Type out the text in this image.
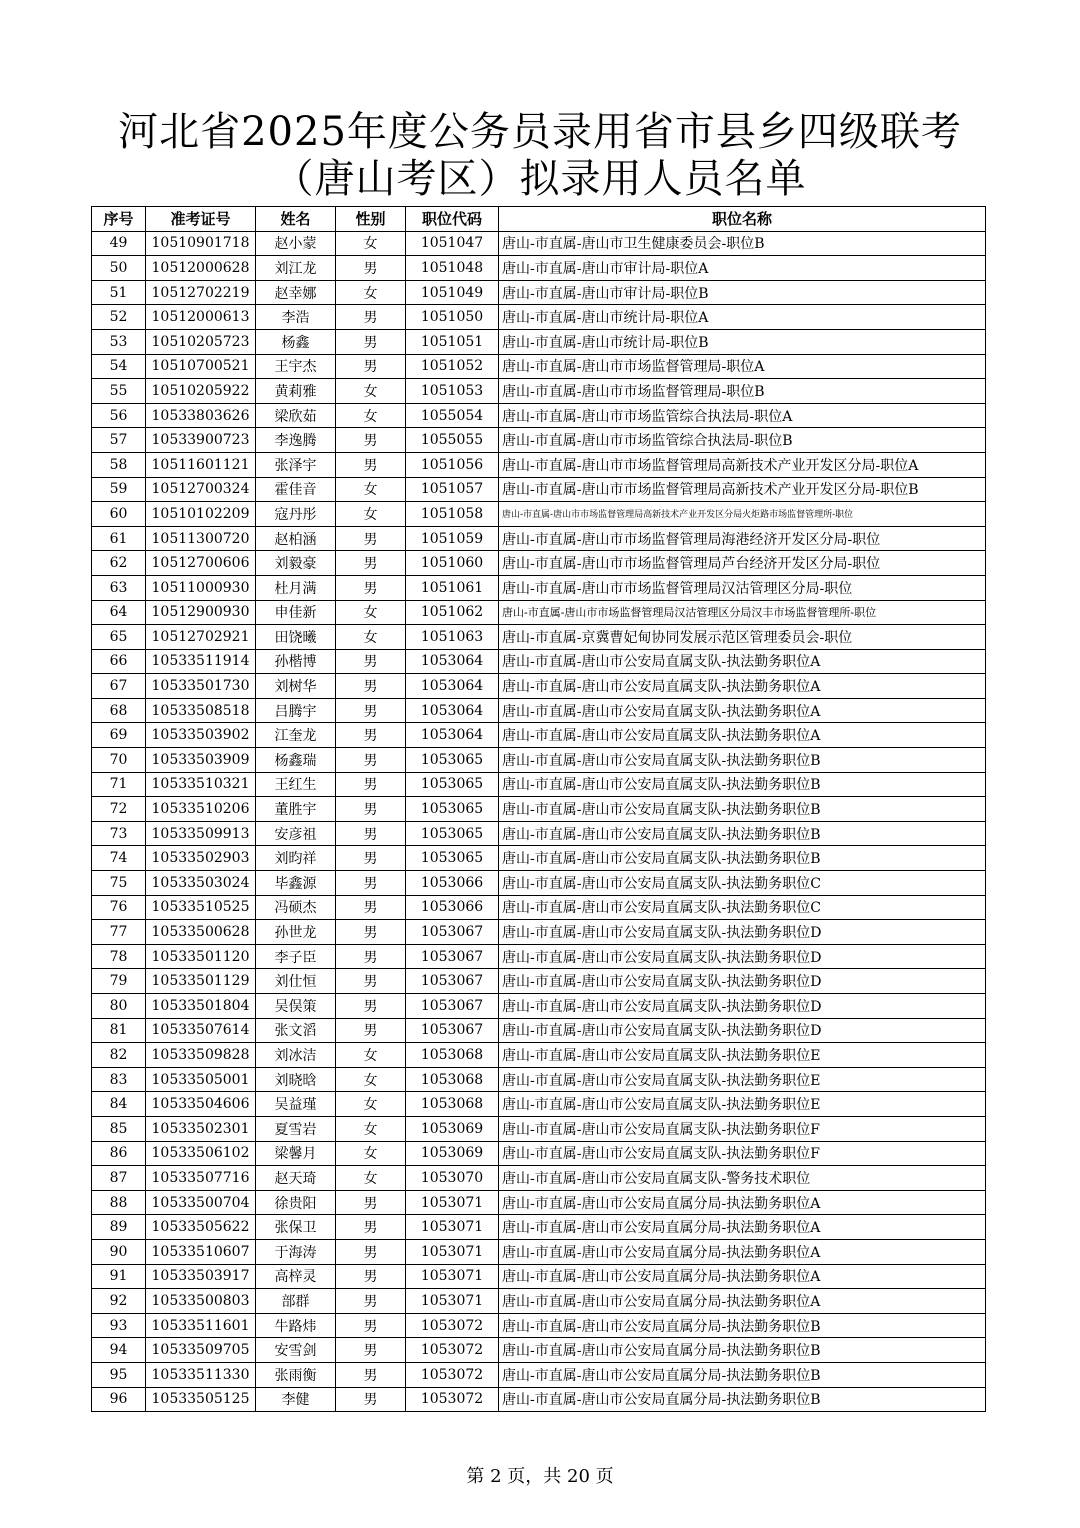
河北省2025年度公务员录用省市县乡四级联考
（唐山考区）拟录用人员名单
序号	准考证号	姓名	性别	职位代码	职位名称
49	10510901718	赵小蒙	女	1051047	唐山-市直属-唐山市卫生健康委员会-职位B
50	10512000628	刘江龙	男	1051048	唐山-市直属-唐山市审计局-职位A
51	10512702219	赵幸娜	女	1051049	唐山-市直属-唐山市审计局-职位B
52	10512000613	李浩	男	1051050	唐山-市直属-唐山市统计局-职位A
53	10510205723	杨鑫	男	1051051	唐山-市直属-唐山市统计局-职位B
54	10510700521	王宇杰	男	1051052	唐山-市直属-唐山市市场监督管理局-职位A
55	10510205922	黄莉雅	女	1051053	唐山-市直属-唐山市市场监督管理局-职位B
56	10533803626	梁欣茹	女	1055054	唐山-市直属-唐山市市场监管综合执法局-职位A
57	10533900723	李逸腾	男	1055055	唐山-市直属-唐山市市场监管综合执法局-职位B
58	10511601121	张泽宇	男	1051056	唐山-市直属-唐山市市场监督管理局高新技术产业开发区分局-职位A
59	10512700324	霍佳音	女	1051057	唐山-市直属-唐山市市场监督管理局高新技术产业开发区分局-职位B
60	10510102209	寇丹彤	女	1051058	唐山-市直属-唐山市市场监督管理局高新技术产业开发区分局火炬路市场监督管理所-职位
61	10511300720	赵柏涵	男	1051059	唐山-市直属-唐山市市场监督管理局海港经济开发区分局-职位
62	10512700606	刘毅豪	男	1051060	唐山-市直属-唐山市市场监督管理局芦台经济开发区分局-职位
63	10511000930	杜月满	男	1051061	唐山-市直属-唐山市市场监督管理局汉沽管理区分局-职位
64	10512900930	申佳新	女	1051062	唐山-市直属-唐山市市场监督管理局汉沽管理区分局汉丰市场监督管理所-职位
65	10512702921	田饶曦	女	1051063	唐山-市直属-京冀曹妃甸协同发展示范区管理委员会-职位
66	10533511914	孙楷博	男	1053064	唐山-市直属-唐山市公安局直属支队-执法勤务职位A
67	10533501730	刘树华	男	1053064	唐山-市直属-唐山市公安局直属支队-执法勤务职位A
68	10533508518	吕腾宇	男	1053064	唐山-市直属-唐山市公安局直属支队-执法勤务职位A
69	10533503902	江奎龙	男	1053064	唐山-市直属-唐山市公安局直属支队-执法勤务职位A
70	10533503909	杨鑫瑞	男	1053065	唐山-市直属-唐山市公安局直属支队-执法勤务职位B
71	10533510321	王红生	男	1053065	唐山-市直属-唐山市公安局直属支队-执法勤务职位B
72	10533510206	董胜宇	男	1053065	唐山-市直属-唐山市公安局直属支队-执法勤务职位B
73	10533509913	安彦祖	男	1053065	唐山-市直属-唐山市公安局直属支队-执法勤务职位B
74	10533502903	刘昀祥	男	1053065	唐山-市直属-唐山市公安局直属支队-执法勤务职位B
75	10533503024	毕鑫源	男	1053066	唐山-市直属-唐山市公安局直属支队-执法勤务职位C
76	10533510525	冯硕杰	男	1053066	唐山-市直属-唐山市公安局直属支队-执法勤务职位C
77	10533500628	孙世龙	男	1053067	唐山-市直属-唐山市公安局直属支队-执法勤务职位D
78	10533501120	李子臣	男	1053067	唐山-市直属-唐山市公安局直属支队-执法勤务职位D
79	10533501129	刘仕恒	男	1053067	唐山-市直属-唐山市公安局直属支队-执法勤务职位D
80	10533501804	吴俣策	男	1053067	唐山-市直属-唐山市公安局直属支队-执法勤务职位D
81	10533507614	张文滔	男	1053067	唐山-市直属-唐山市公安局直属支队-执法勤务职位D
82	10533509828	刘冰洁	女	1053068	唐山-市直属-唐山市公安局直属支队-执法勤务职位E
83	10533505001	刘晓晗	女	1053068	唐山-市直属-唐山市公安局直属支队-执法勤务职位E
84	10533504606	吴益瑾	女	1053068	唐山-市直属-唐山市公安局直属支队-执法勤务职位E
85	10533502301	夏雪岩	女	1053069	唐山-市直属-唐山市公安局直属支队-执法勤务职位F
86	10533506102	梁馨月	女	1053069	唐山-市直属-唐山市公安局直属支队-执法勤务职位F
87	10533507716	赵天琦	女	1053070	唐山-市直属-唐山市公安局直属支队-警务技术职位
88	10533500704	徐贵阳	男	1053071	唐山-市直属-唐山市公安局直属分局-执法勤务职位A
89	10533505622	张保卫	男	1053071	唐山-市直属-唐山市公安局直属分局-执法勤务职位A
90	10533510607	于海涛	男	1053071	唐山-市直属-唐山市公安局直属分局-执法勤务职位A
91	10533503917	高梓灵	男	1053071	唐山-市直属-唐山市公安局直属分局-执法勤务职位A
92	10533500803	部群	男	1053071	唐山-市直属-唐山市公安局直属分局-执法勤务职位A
93	10533511601	牛路炜	男	1053072	唐山-市直属-唐山市公安局直属分局-执法勤务职位B
94	10533509705	安雪剑	男	1053072	唐山-市直属-唐山市公安局直属分局-执法勤务职位B
95	10533511330	张雨衡	男	1053072	唐山-市直属-唐山市公安局直属分局-执法勤务职位B
96	10533505125	李健	男	1053072	唐山-市直属-唐山市公安局直属分局-执法勤务职位B
第 2 页，共 20 页
